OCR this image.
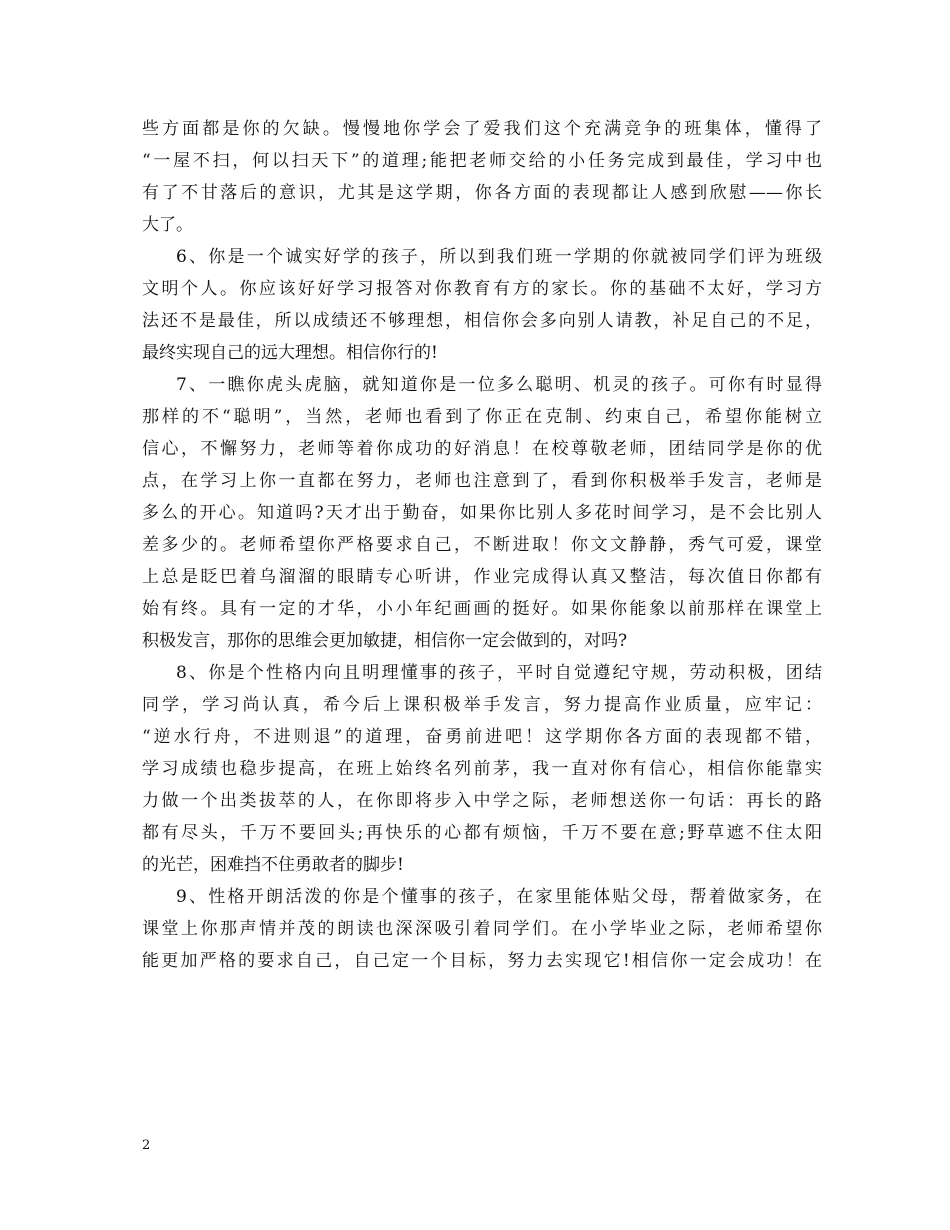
些方面都是你的欠缺。慢慢地你学会了爱我们这个充满竞争的班集体，懂得了
“一屋不扫，何以扫天下”的道理;能把老师交给的小任务完成到最佳，学习中也
有了不甘落后的意识，尤其是这学期，你各方面的表现都让人感到欣慰——你长
大了。
6、你是一个诚实好学的孩子，所以到我们班一学期的你就被同学们评为班级
文明个人。你应该好好学习报答对你教育有方的家长。你的基础不太好，学习方
法还不是最佳，所以成绩还不够理想，相信你会多向别人请教，补足自己的不足，
最终实现自己的远大理想。相信你行的!
7、一瞧你虎头虎脑，就知道你是一位多么聪明、机灵的孩子。可你有时显得
那样的不“聪明”，当然，老师也看到了你正在克制、约束自己，希望你能树立
信心，不懈努力，老师等着你成功的好消息！在校尊敬老师，团结同学是你的优
点，在学习上你一直都在努力，老师也注意到了，看到你积极举手发言，老师是
多么的开心。知道吗?天才出于勤奋，如果你比别人多花时间学习，是不会比别人
差多少的。老师希望你严格要求自己，不断进取！你文文静静，秀气可爱，课堂
上总是眨巴着乌溜溜的眼睛专心听讲，作业完成得认真又整洁，每次值日你都有
始有终。具有一定的才华，小小年纪画画的挺好。如果你能象以前那样在课堂上
积极发言，那你的思维会更加敏捷，相信你一定会做到的，对吗?
8、你是个性格内向且明理懂事的孩子，平时自觉遵纪守规，劳动积极，团结
同学，学习尚认真，希今后上课积极举手发言，努力提高作业质量，应牢记：
“逆水行舟，不进则退”的道理，奋勇前进吧！这学期你各方面的表现都不错，
学习成绩也稳步提高，在班上始终名列前茅，我一直对你有信心，相信你能靠实
力做一个出类拔萃的人，在你即将步入中学之际，老师想送你一句话：再长的路
都有尽头，千万不要回头;再快乐的心都有烦恼，千万不要在意;野草遮不住太阳
的光芒，困难挡不住勇敢者的脚步!
9、性格开朗活泼的你是个懂事的孩子，在家里能体贴父母，帮着做家务，在
课堂上你那声情并茂的朗读也深深吸引着同学们。在小学毕业之际，老师希望你
能更加严格的要求自己，自己定一个目标，努力去实现它!相信你一定会成功！在
2
